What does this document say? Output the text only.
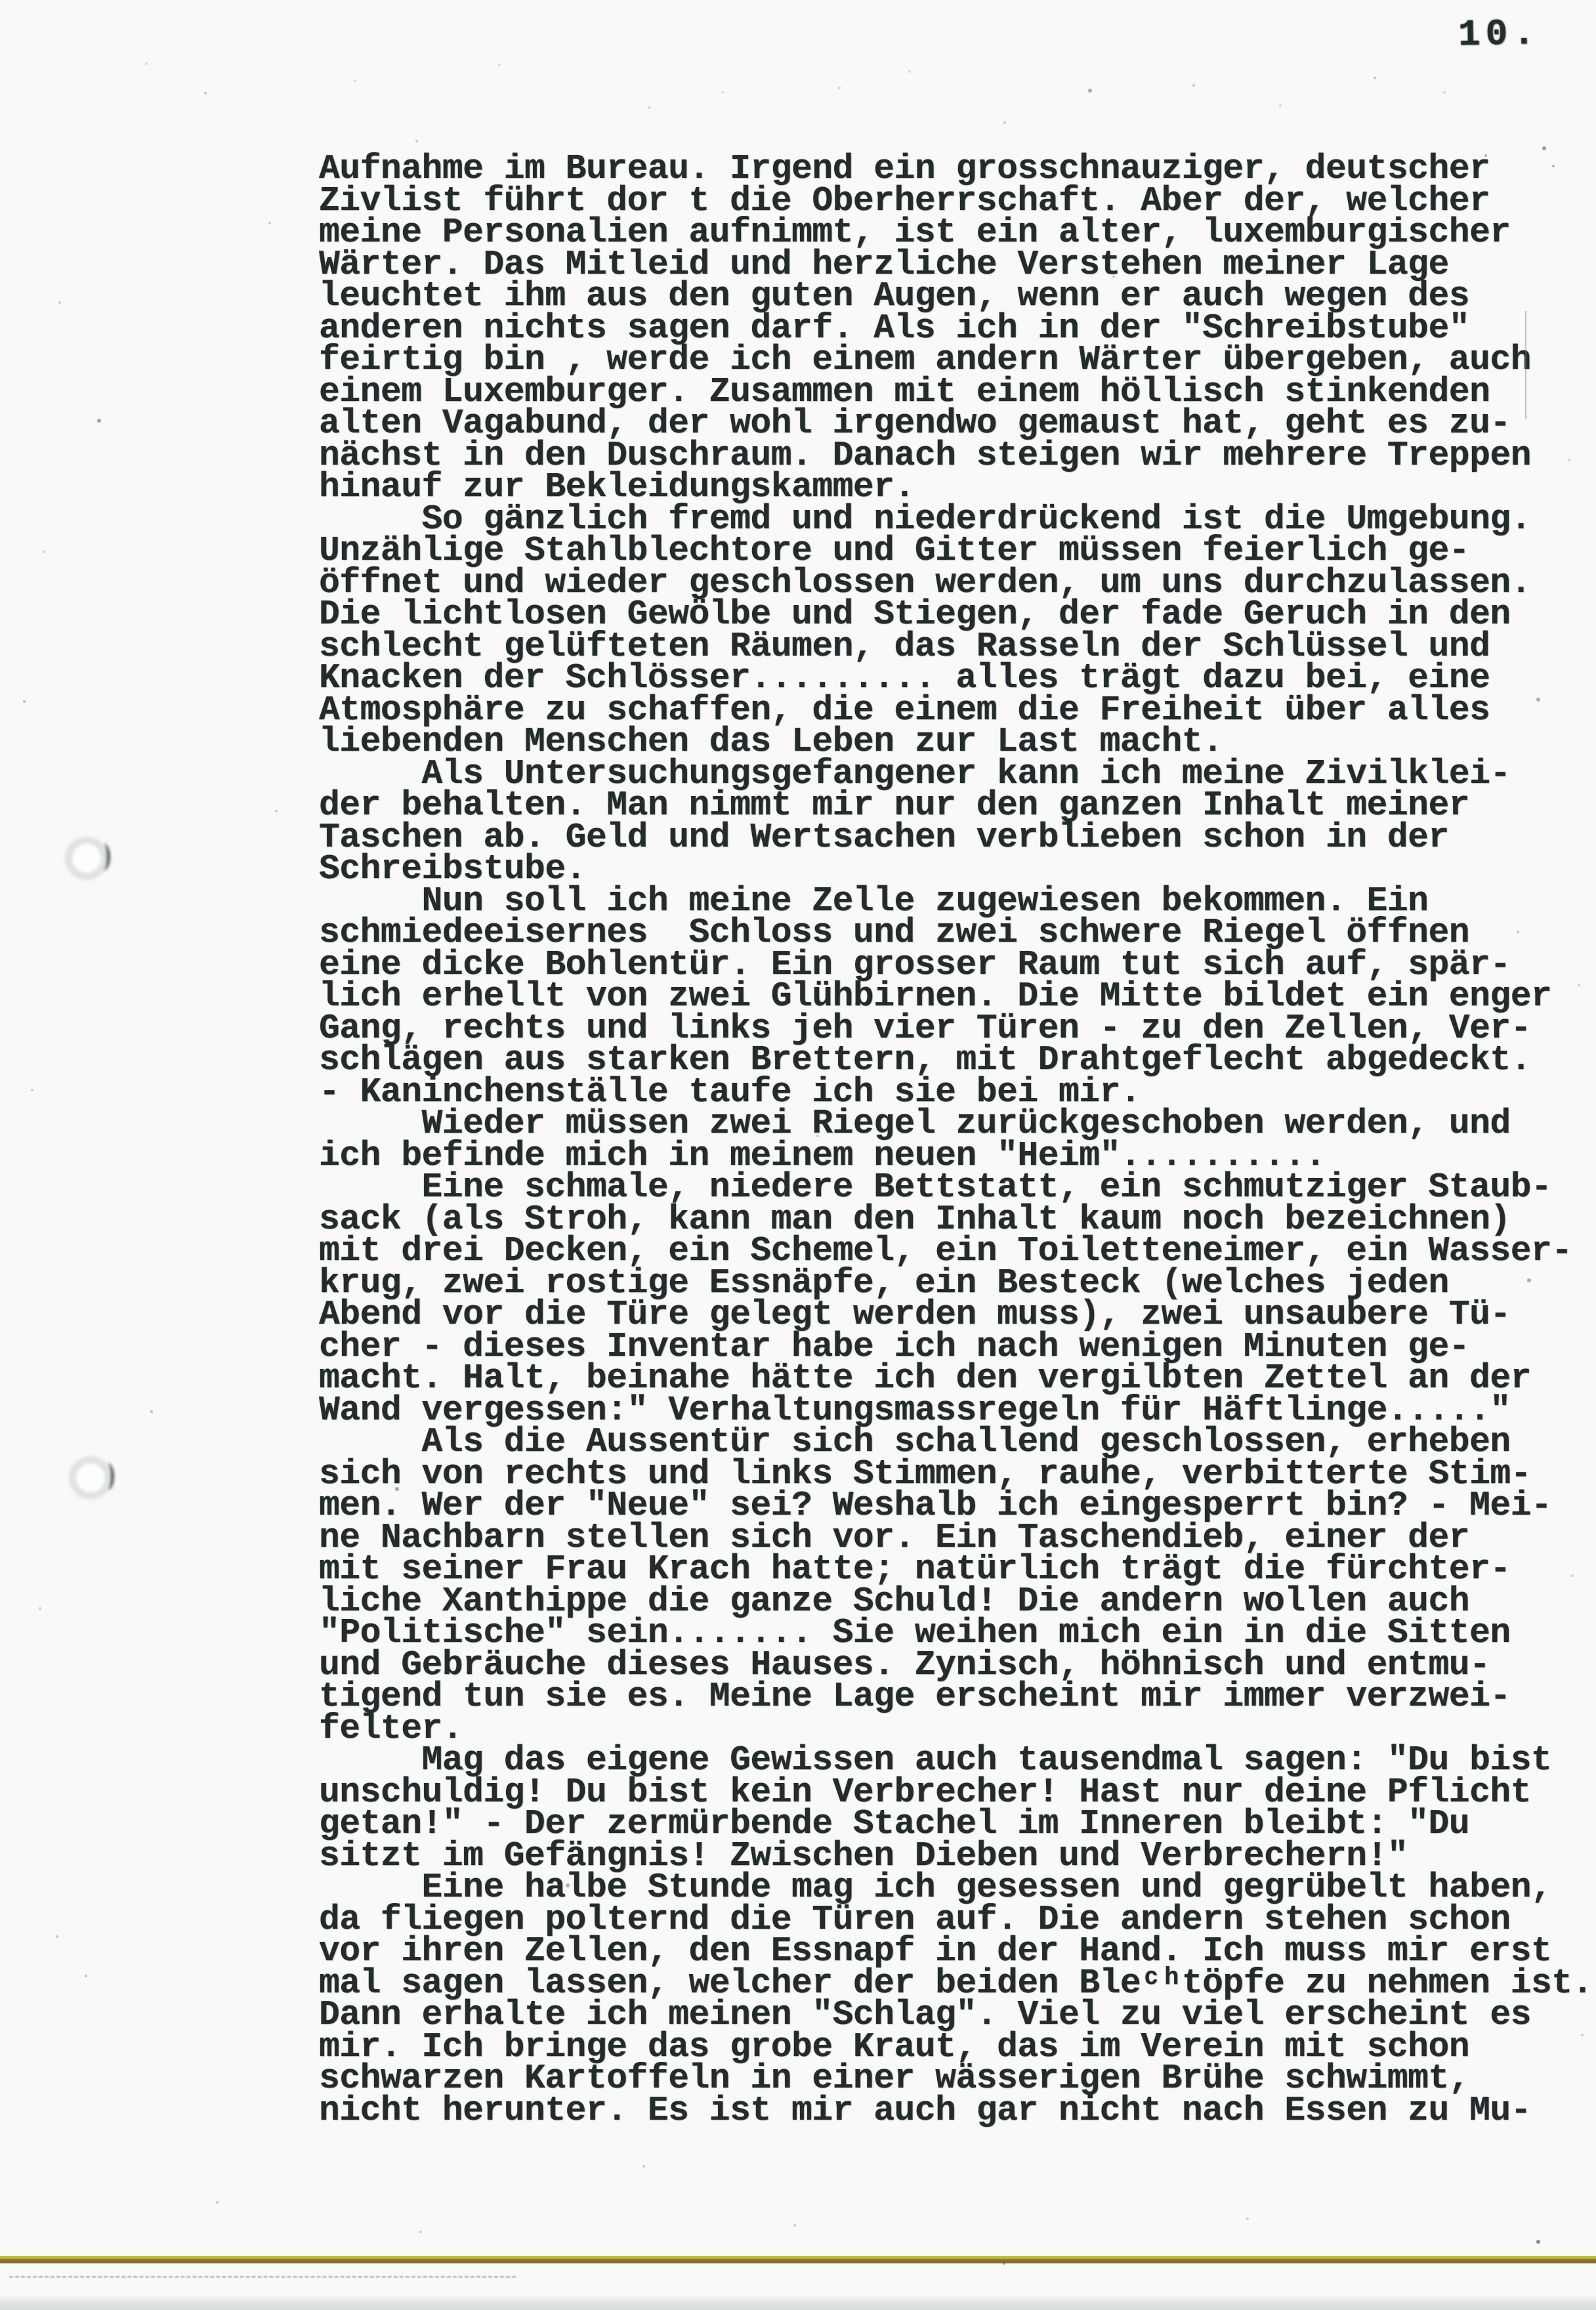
10.
Aufnahme im Bureau. Irgend ein grosschnauziger, deutscher
Zivlist führt dor t die Oberherrschaft. Aber der, welcher
meine Personalien aufnimmt, ist ein alter, luxemburgischer
Wärter. Das Mitleid und herzliche Verstehen meiner Lage
leuchtet ihm aus den guten Augen, wenn er auch wegen des
anderen nichts sagen darf. Als ich in der "Schreibstube"
feirtig bin , werde ich einem andern Wärter übergeben, auch
einem Luxemburger. Zusammen mit einem höllisch stinkenden
alten Vagabund, der wohl irgendwo gemaust hat, geht es zu-
nächst in den Duschraum. Danach steigen wir mehrere Treppen
hinauf zur Bekleidungskammer.
So gänzlich fremd und niederdrückend ist die Umgebung.
Unzählige Stahlblechtore und Gitter müssen feierlich ge-
öffnet und wieder geschlossen werden, um uns durchzulassen.
Die lichtlosen Gewölbe und Stiegen, der fade Geruch in den
schlecht gelüfteten Räumen, das Rasseln der Schlüssel und
Knacken der Schlösser......... alles trägt dazu bei, eine
Atmosphäre zu schaffen, die einem die Freiheit über alles
liebenden Menschen das Leben zur Last macht.
Als Untersuchungsgefangener kann ich meine Zivilklei-
der behalten. Man nimmt mir nur den ganzen Inhalt meiner
Taschen ab. Geld und Wertsachen verblieben schon in der
Schreibstube.
Nun soll ich meine Zelle zugewiesen bekommen. Ein
schmiedeeisernes  Schloss und zwei schwere Riegel öffnen
eine dicke Bohlentür. Ein grosser Raum tut sich auf, spär-
lich erhellt von zwei Glühbirnen. Die Mitte bildet ein enger
Gang, rechts und links jeh vier Türen - zu den Zellen, Ver-
schlägen aus starken Brettern, mit Drahtgeflecht abgedeckt.
- Kaninchenställe taufe ich sie bei mir.
Wieder müssen zwei Riegel zurückgeschoben werden, und
ich befinde mich in meinem neuen "Heim"..........
Eine schmale, niedere Bettstatt, ein schmutziger Staub-
sack (als Stroh, kann man den Inhalt kaum noch bezeichnen)
mit drei Decken, ein Schemel, ein Toiletteneimer, ein Wasser-
krug, zwei rostige Essnäpfe, ein Besteck (welches jeden
Abend vor die Türe gelegt werden muss), zwei unsaubere Tü-
cher - dieses Inventar habe ich nach wenigen Minuten ge-
macht. Halt, beinahe hätte ich den vergilbten Zettel an der
Wand vergessen:" Verhaltungsmassregeln für Häftlinge....."
Als die Aussentür sich schallend geschlossen, erheben
sich von rechts und links Stimmen, rauhe, verbitterte Stim-
men. Wer der "Neue" sei? Weshalb ich eingesperrt bin? - Mei-
ne Nachbarn stellen sich vor. Ein Taschendieb, einer der
mit seiner Frau Krach hatte; natürlich trägt die fürchter-
liche Xanthippe die ganze Schuld! Die andern wollen auch
"Politische" sein....... Sie weihen mich ein in die Sitten
und Gebräuche dieses Hauses. Zynisch, höhnisch und entmu-
tigend tun sie es. Meine Lage erscheint mir immer verzwei-
felter.
Mag das eigene Gewissen auch tausendmal sagen: "Du bist
unschuldig! Du bist kein Verbrecher! Hast nur deine Pflicht
getan!" - Der zermürbende Stachel im Inneren bleibt: "Du
sitzt im Gefängnis! Zwischen Dieben und Verbrechern!"
Eine halbe Stunde mag ich gesessen und gegrübelt haben,
da fliegen polternd die Türen auf. Die andern stehen schon
vor ihren Zellen, den Essnapf in der Hand. Ich muss mir erst
mal sagen lassen, welcher der beiden Bleᶜʰtöpfe zu nehmen ist.
Dann erhalte ich meinen "Schlag". Viel zu viel erscheint es
mir. Ich bringe das grobe Kraut, das im Verein mit schon
schwarzen Kartoffeln in einer wässerigen Brühe schwimmt,
nicht herunter. Es ist mir auch gar nicht nach Essen zu Mu-
